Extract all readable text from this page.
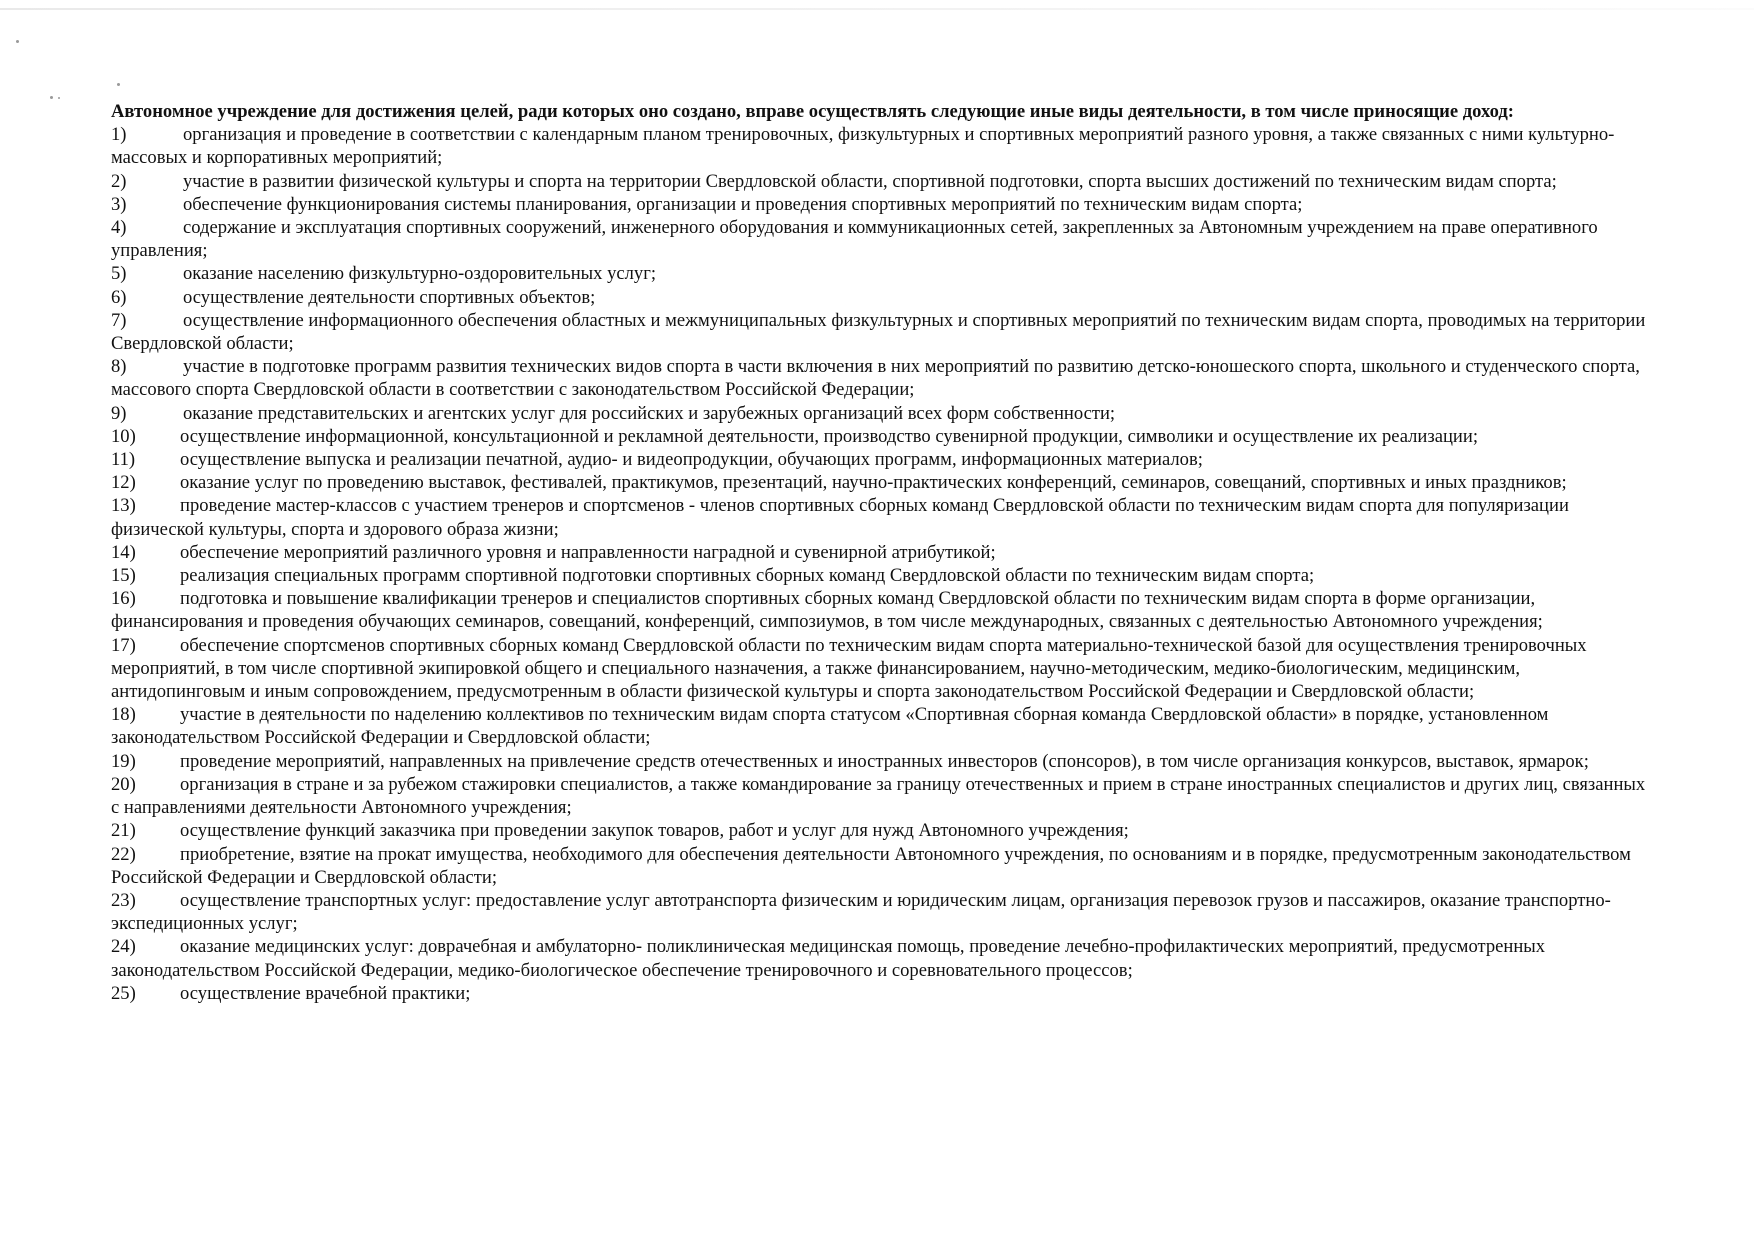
Автономное учреждение для достижения целей, ради которых оно создано, вправе осуществлять следующие иные виды деятельности, в том числе приносящие доход:

1)	организация и проведение в соответствии с календарным планом тренировочных, физкультурных и спортивных мероприятий разного уровня, а также связанных с ними культурно-массовых и корпоративных мероприятий;

2)	участие в развитии физической культуры и спорта на территории Свердловской области, спортивной подготовки, спорта высших достижений по техническим видам спорта;

3)	обеспечение функционирования системы планирования, организации и проведения спортивных мероприятий по техническим видам спорта;

4)	содержание и эксплуатация спортивных сооружений, инженерного оборудования и коммуникационных сетей, закрепленных за Автономным учреждением на праве оперативного управления;

5)	оказание населению физкультурно-оздоровительных услуг;

6)	осуществление деятельности спортивных объектов;

7)	осуществление информационного обеспечения областных и межмуниципальных физкультурных и спортивных мероприятий по техническим видам спорта, проводимых на территории Свердловской области;

8)	участие в подготовке программ развития технических видов спорта в части включения в них мероприятий по развитию детско-юношеского спорта, школьного и студенческого спорта, массового спорта Свердловской области в соответствии с законодательством Российской Федерации;

9)	оказание представительских и агентских услуг для российских и зарубежных организаций всех форм собственности;

10) осуществление информационной, консультационной и рекламной деятельности, производство сувенирной продукции, символики и осуществление их реализации;

11) осуществление выпуска и реализации печатной, аудио- и видеопродукции, обучающих программ, информационных материалов;

12) оказание услуг по проведению выставок, фестивалей, практикумов, презентаций, научно-практических конференций, семинаров, совещаний, спортивных и иных праздников;

13) проведение мастер-классов с участием тренеров и спортсменов - членов спортивных сборных команд Свердловской области по техническим видам спорта для популяризации физической культуры, спорта и здорового образа жизни;

14) обеспечение мероприятий различного уровня и направленности наградной и сувенирной атрибутикой;

15) реализация специальных программ спортивной подготовки спортивных сборных команд Свердловской области по техническим видам спорта;

16) подготовка и повышение квалификации тренеров и специалистов спортивных сборных команд Свердловской области по техническим видам спорта в форме организации, финансирования и проведения обучающих семинаров, совещаний, конференций, симпозиумов, в том числе международных, связанных с деятельностью Автономного учреждения;

17) обеспечение спортсменов спортивных сборных команд Свердловской области по техническим видам спорта материально-технической базой для осуществления тренировочных мероприятий, в том числе спортивной экипировкой общего и специального назначения, а также финансированием, научно-методическим, медико-биологическим, медицинским, антидопинговым и иным сопровождением, предусмотренным в области физической культуры и спорта законодательством Российской Федерации и Свердловской области;

18) участие в деятельности по наделению коллективов по техническим видам спорта статусом «Спортивная сборная команда Свердловской области» в порядке, установленном законодательством Российской Федерации и Свердловской области;

19) проведение мероприятий, направленных на привлечение средств отечественных и иностранных инвесторов (спонсоров), в том числе организация конкурсов, выставок, ярмарок;

20) организация в стране и за рубежом стажировки специалистов, а также командирование за границу отечественных и прием в стране иностранных специалистов и других лиц, связанных с направлениями деятельности Автономного учреждения;

21) осуществление функций заказчика при проведении закупок товаров, работ и услуг для нужд Автономного учреждения;

22) приобретение, взятие на прокат имущества, необходимого для обеспечения деятельности Автономного учреждения, по основаниям и в порядке, предусмотренным законодательством Российской Федерации и Свердловской области;

23) осуществление транспортных услуг: предоставление услуг автотранспорта физическим и юридическим лицам, организация перевозок грузов и пассажиров, оказание транспортно-экспедиционных услуг;

24) оказание медицинских услуг: доврачебная и амбулаторно- поликлиническая медицинская помощь, проведение лечебно-профилактических мероприятий, предусмотренных законодательством Российской Федерации, медико-биологическое обеспечение тренировочного и соревновательного процессов;

25) осуществление врачебной практики;
